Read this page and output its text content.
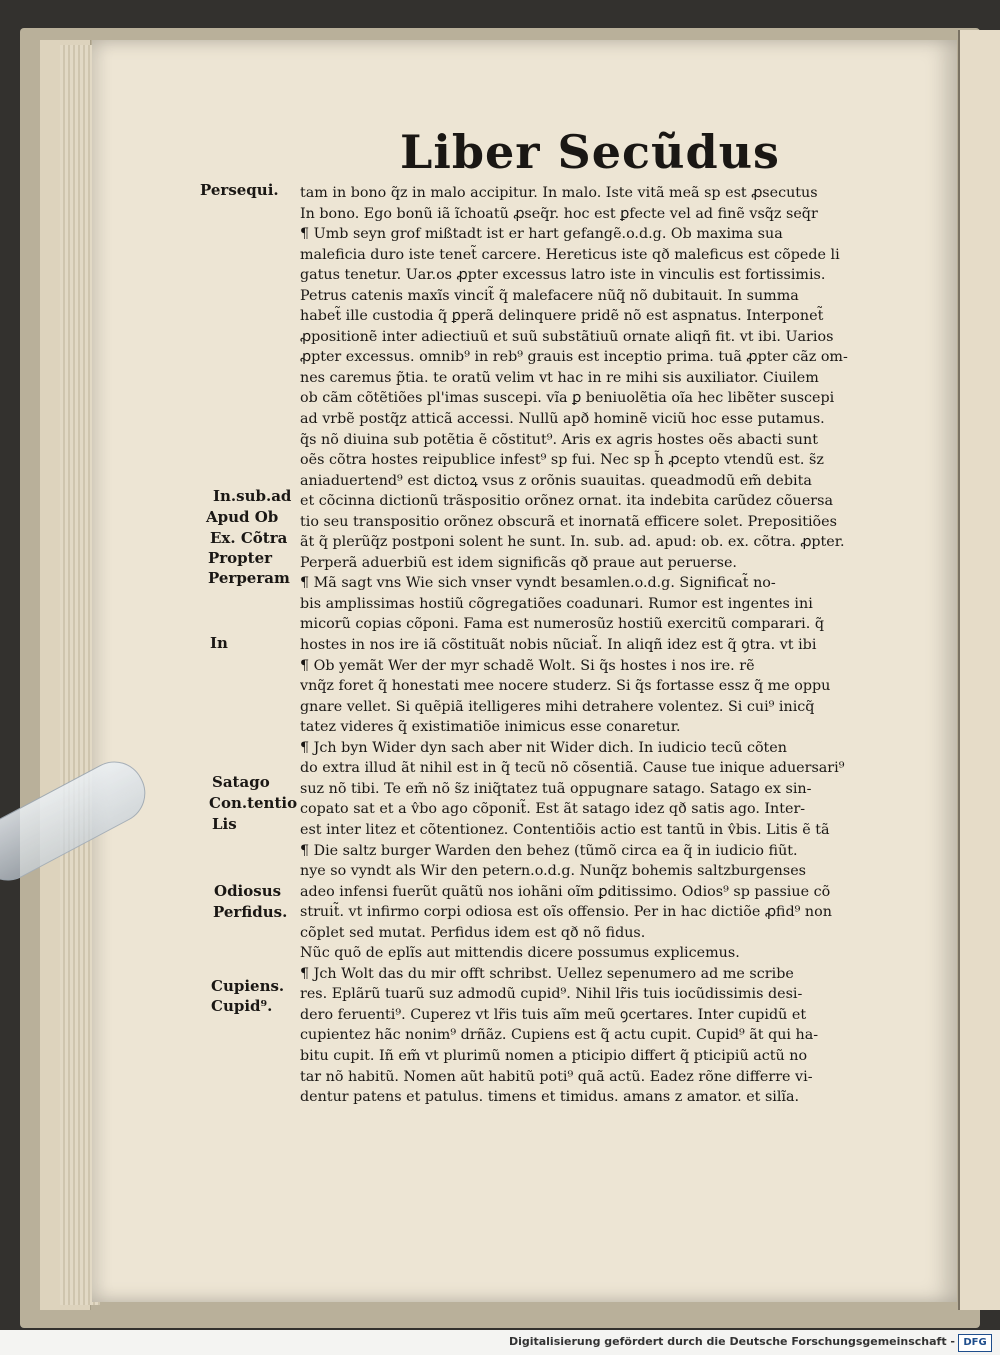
Liber Secũdus
tam in bono q̃z in malo accipitur. In malo. Iste vitã meã sp est ꝓsecutus
In bono. Ego bonũ iã ĩchoatũ ꝓseq̃r. hoc est ꝑfecte vel ad finẽ vsq̃z seq̃r
¶ Umb seyn grof mißtadt ist er hart gefangẽ.o.d.g. Ob maxima sua
maleficia duro iste tenet̃ carcere. Hereticus iste qð maleficus est cõpede li
gatus tenetur. Uar.os ꝓpter excessus latro iste in vinculis est fortissimis.
Petrus catenis maxĩs vincit̃ q̃ malefacere nũq̃ nõ dubitauit. In summa
habet̃ ille custodia q̃ ꝑperã delinquere pridẽ nõ est aspnatus. Interponet̃
ꝓpositionẽ inter adiectiuũ et suũ substãtiuũ ornate aliqñ fit. vt ibi. Uarios
ꝓpter excessus. omnib⁹ in reb⁹ grauis est inceptio prima. tuã ꝓpter cãz om-
nes caremus p̃tia. te oratũ velim vt hac in re mihi sis auxiliator. Ciuilem
ob cãm cõtẽtiões pl'imas suscepi. vĩa ꝑ beniuolẽtia oĩa hec libẽter suscepi
ad vrbẽ postq̃z atticã accessi. Nullũ apð hominẽ viciũ hoc esse putamus.
q̃s nõ diuina sub potẽtia ẽ cõstitut⁹. Aris ex agris hostes oẽs abacti sunt
oẽs cõtra hostes reipublice infest⁹ sp fui. Nec sp h̃ ꝓcepto vtendũ est. s̃z
aniaduertend⁹ est dictoꝝ vsus z orõnis suauitas. queadmodũ em̃ debita
et cõcinna dictionũ trãspositio orõnez ornat. ita indebita carũdez cõuersa
tio seu transpositio orõnez obscurã et inornatã efficere solet. Prepositiões
ãt q̃ plerũq̃z postponi solent he sunt. In. sub. ad. apud: ob. ex. cõtra. ꝓpter.
Perperã aduerbiũ est idem significãs qð praue aut peruerse.
¶ Mã sagt vns Wie sich vnser vyndt besamlen.o.d.g. Significat̃ no-
bis amplissimas hostiũ cõgregatiões coadunari. Rumor est ingentes ini
micorũ copias cõponi. Fama est numerosũz hostiũ exercitũ comparari. q̃
hostes in nos ire iã cõstituãt nobis nũciat̃. In aliqñ idez est q̃ ꝯtra. vt ibi
¶ Ob yemãt Wer der myr schadẽ Wolt. Si q̃s hostes i nos ire. rẽ
vnq̃z foret q̃ honestati mee nocere studerz. Si q̃s fortasse essz q̃ me oppu
gnare vellet. Si quẽpiã itelligeres mihi detrahere volentez. Si cui⁹ inicq̃
tatez videres q̃ existimatiõe inimicus esse conaretur.
¶ Jch byn Wider dyn sach aber nit Wider dich. In iudicio tecũ cõten
do extra illud ãt nihil est in q̃ tecũ nõ cõsentiã. Cause tue inique aduersari⁹
suz nõ tibi. Te em̃ nõ s̃z iniq̃tatez tuã oppugnare satago. Satago ex sin-
copato sat et a v̂bo ago cõponit̃. Est ãt satago idez qð satis ago. Inter-
est inter litez et cõtentionez. Contentiõis actio est tantũ in v̂bis. Litis ẽ tã
¶ Die saltz burger Warden den behez (tũmõ circa ea q̃ in iudicio fiũt.
nye so vyndt als Wir den petern.o.d.g. Nunq̃z bohemis saltzburgenses
adeo infensi fuerũt quãtũ nos iohãni oĩm ꝑditissimo. Odios⁹ sp passiue cõ
struit̃. vt infirmo corpi odiosa est oĩs offensio. Per in hac dictiõe ꝓfid⁹ non
cõplet sed mutat. Perfidus idem est qð nõ fidus.
Nũc quõ de eplĩs aut mittendis dicere possumus explicemus.
¶ Jch Wolt das du mir offt schribst. Uellez sepenumero ad me scribe
res. Eplãrũ tuarũ suz admodũ cupid⁹. Nihil lr̃is tuis iocũdissimis desi-
dero feruenti⁹. Cuperez vt lr̃is tuis aĩm meũ ꝯcertares. Inter cupidũ et
cupientez hãc nonim⁹ drñãz. Cupiens est q̃ actu cupit. Cupid⁹ ãt qui ha-
bitu cupit. Iñ em̃ vt plurimũ nomen a pticipio differt q̃ pticipiũ actũ no
tar nõ habitũ. Nomen aũt habitũ poti⁹ quã actũ. Eadez rõne differre vi-
dentur patens et patulus. timens et timidus. amans z amator. et silĩa.
Persequi.
In.sub.ad
Apud Ob
Ex. Cõtra
Propter
Perperam
In
Satago
Con.tentio
Lis
Odiosus
Perfidus.
Cupiens.
Cupid⁹.
Digitalisierung gefördert durch die Deutsche Forschungsgemeinschaft - DFG
